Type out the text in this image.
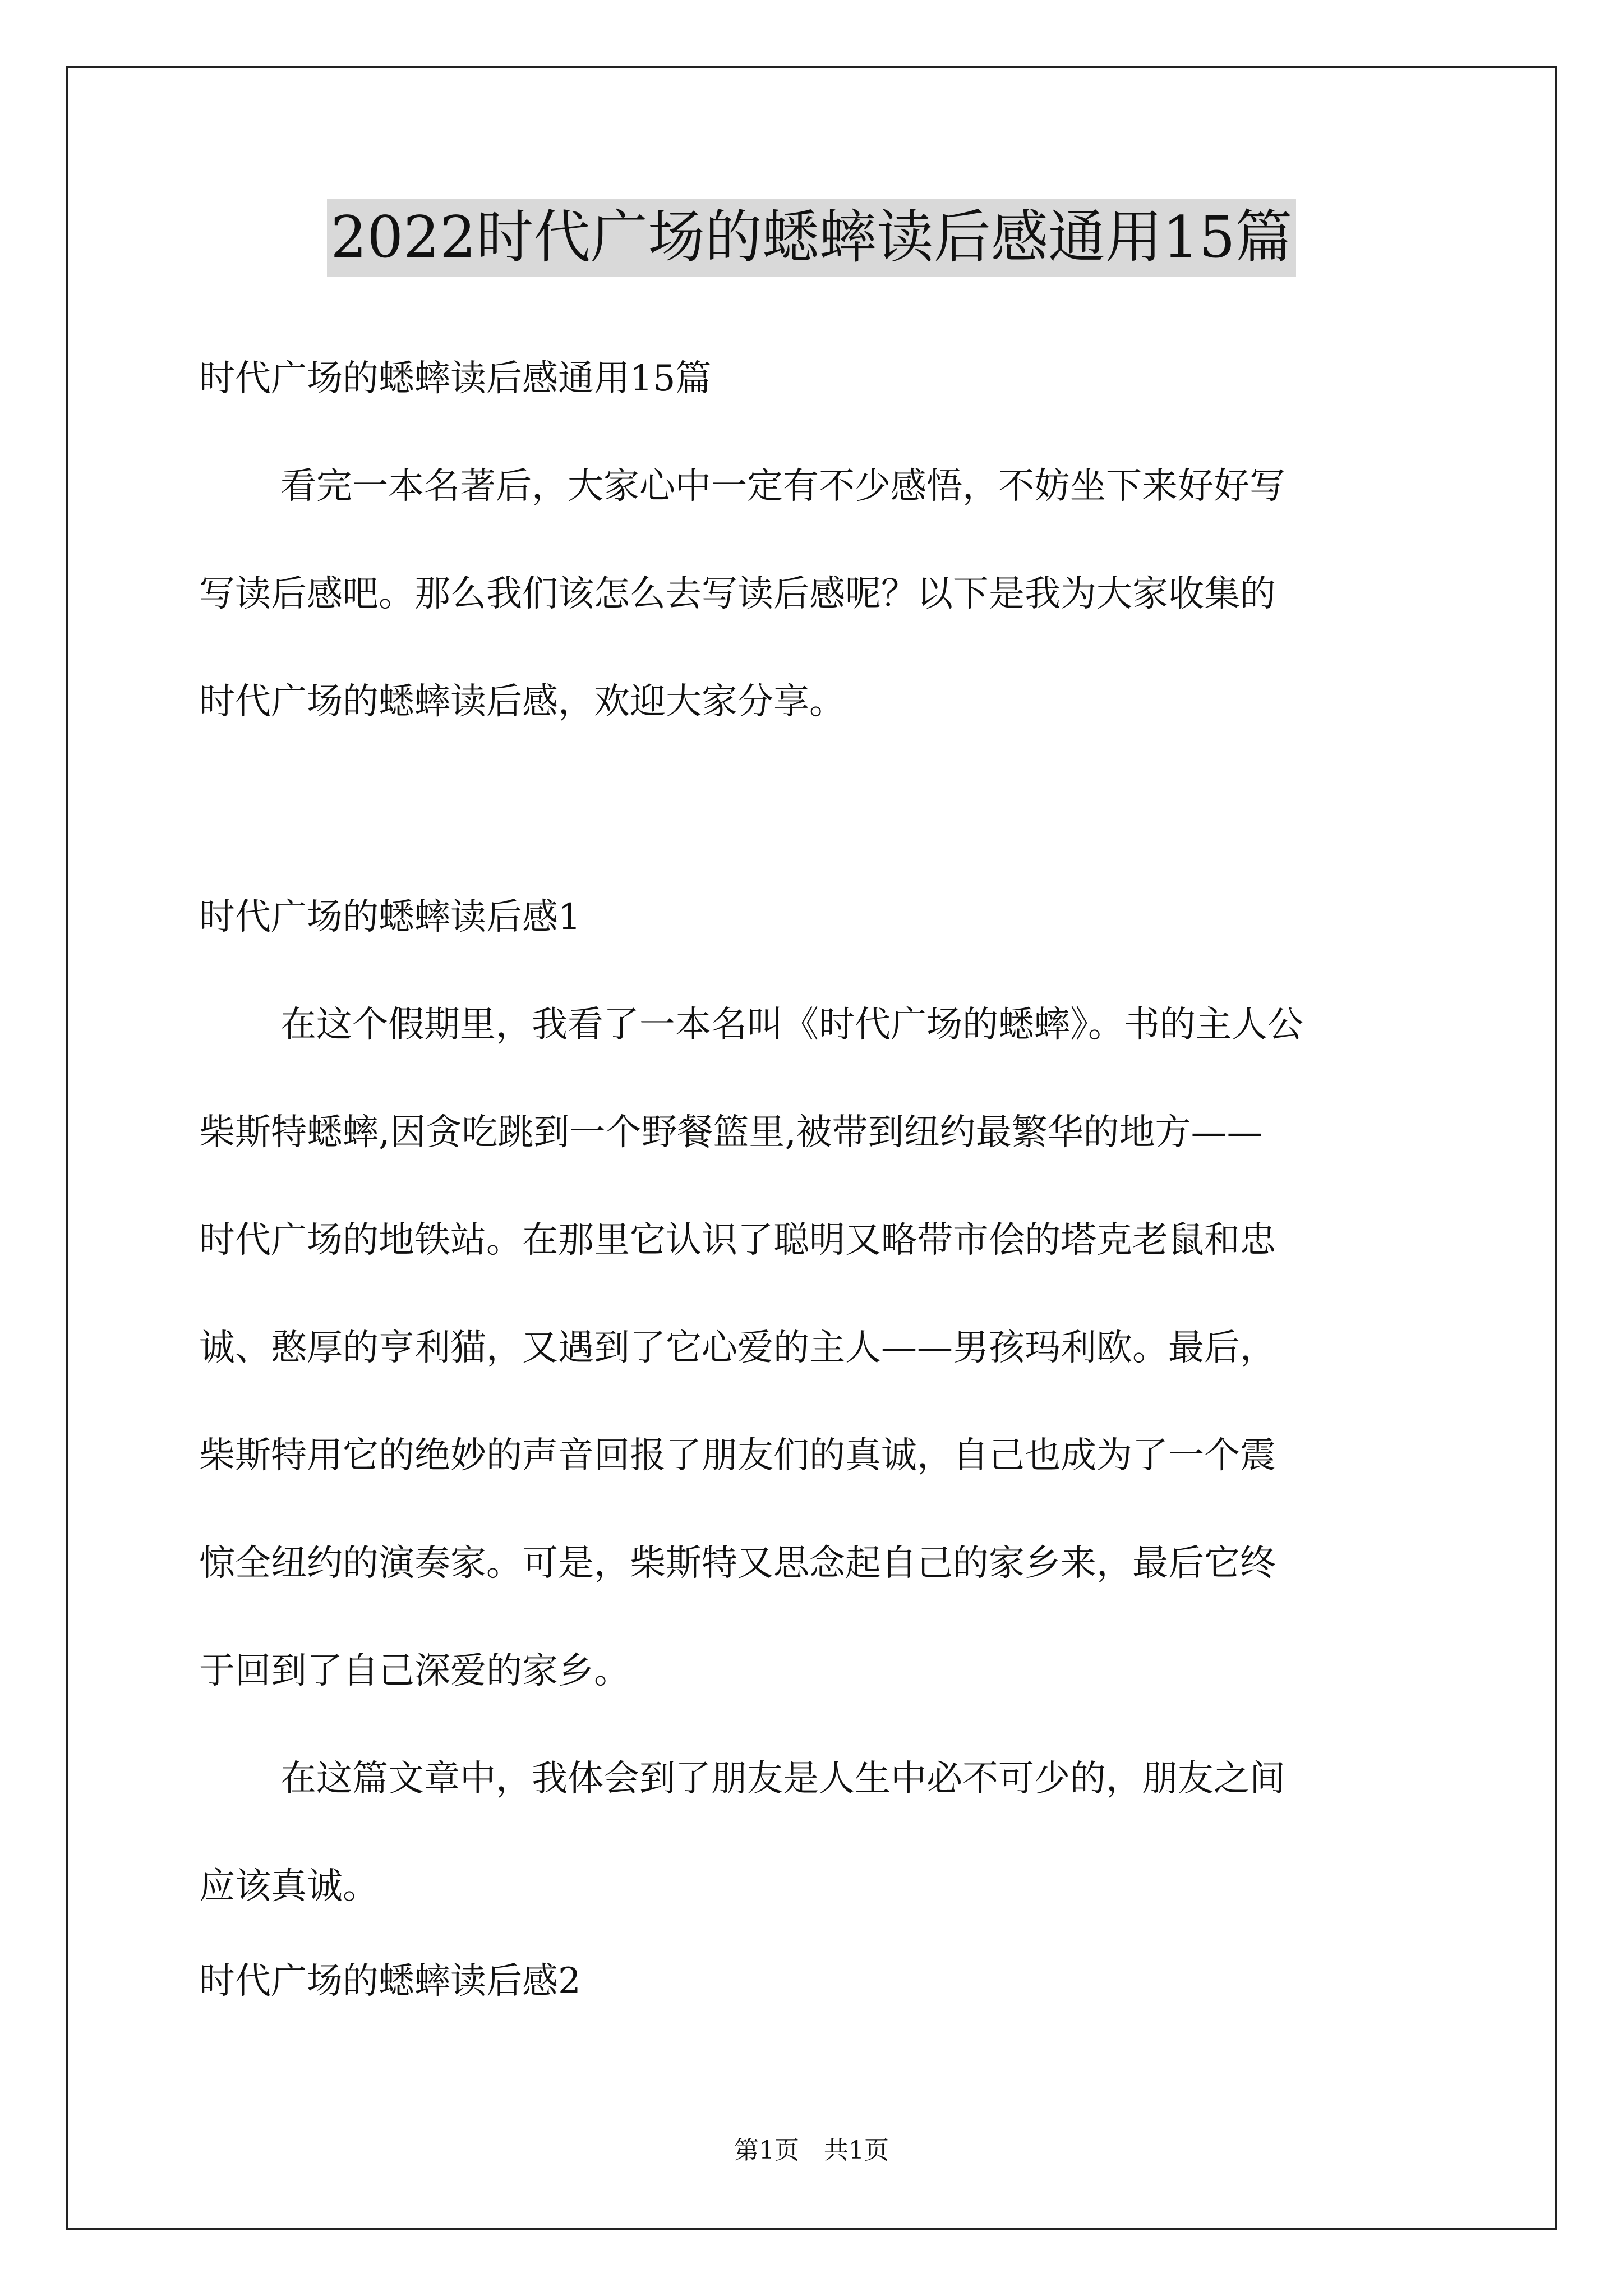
2022时代广场的蟋蟀读后感通用15篇
时代广场的蟋蟀读后感通用15篇
看完一本名著后，大家心中一定有不少感悟，不妨坐下来好好写
写读后感吧。那么我们该怎么去写读后感呢？以下是我为大家收集的
时代广场的蟋蟀读后感，欢迎大家分享。
时代广场的蟋蟀读后感1
在这个假期里，我看了一本名叫《时代广场的蟋蟀》。书的主人公
柴斯特蟋蟀,因贪吃跳到一个野餐篮里,被带到纽约最繁华的地方——
时代广场的地铁站。在那里它认识了聪明又略带市侩的塔克老鼠和忠
诚、憨厚的亨利猫，又遇到了它心爱的主人——男孩玛利欧。最后，
柴斯特用它的绝妙的声音回报了朋友们的真诚，自己也成为了一个震
惊全纽约的演奏家。可是，柴斯特又思念起自己的家乡来，最后它终
于回到了自己深爱的家乡。
在这篇文章中，我体会到了朋友是人生中必不可少的，朋友之间
应该真诚。
时代广场的蟋蟀读后感2
第1页　共1页
